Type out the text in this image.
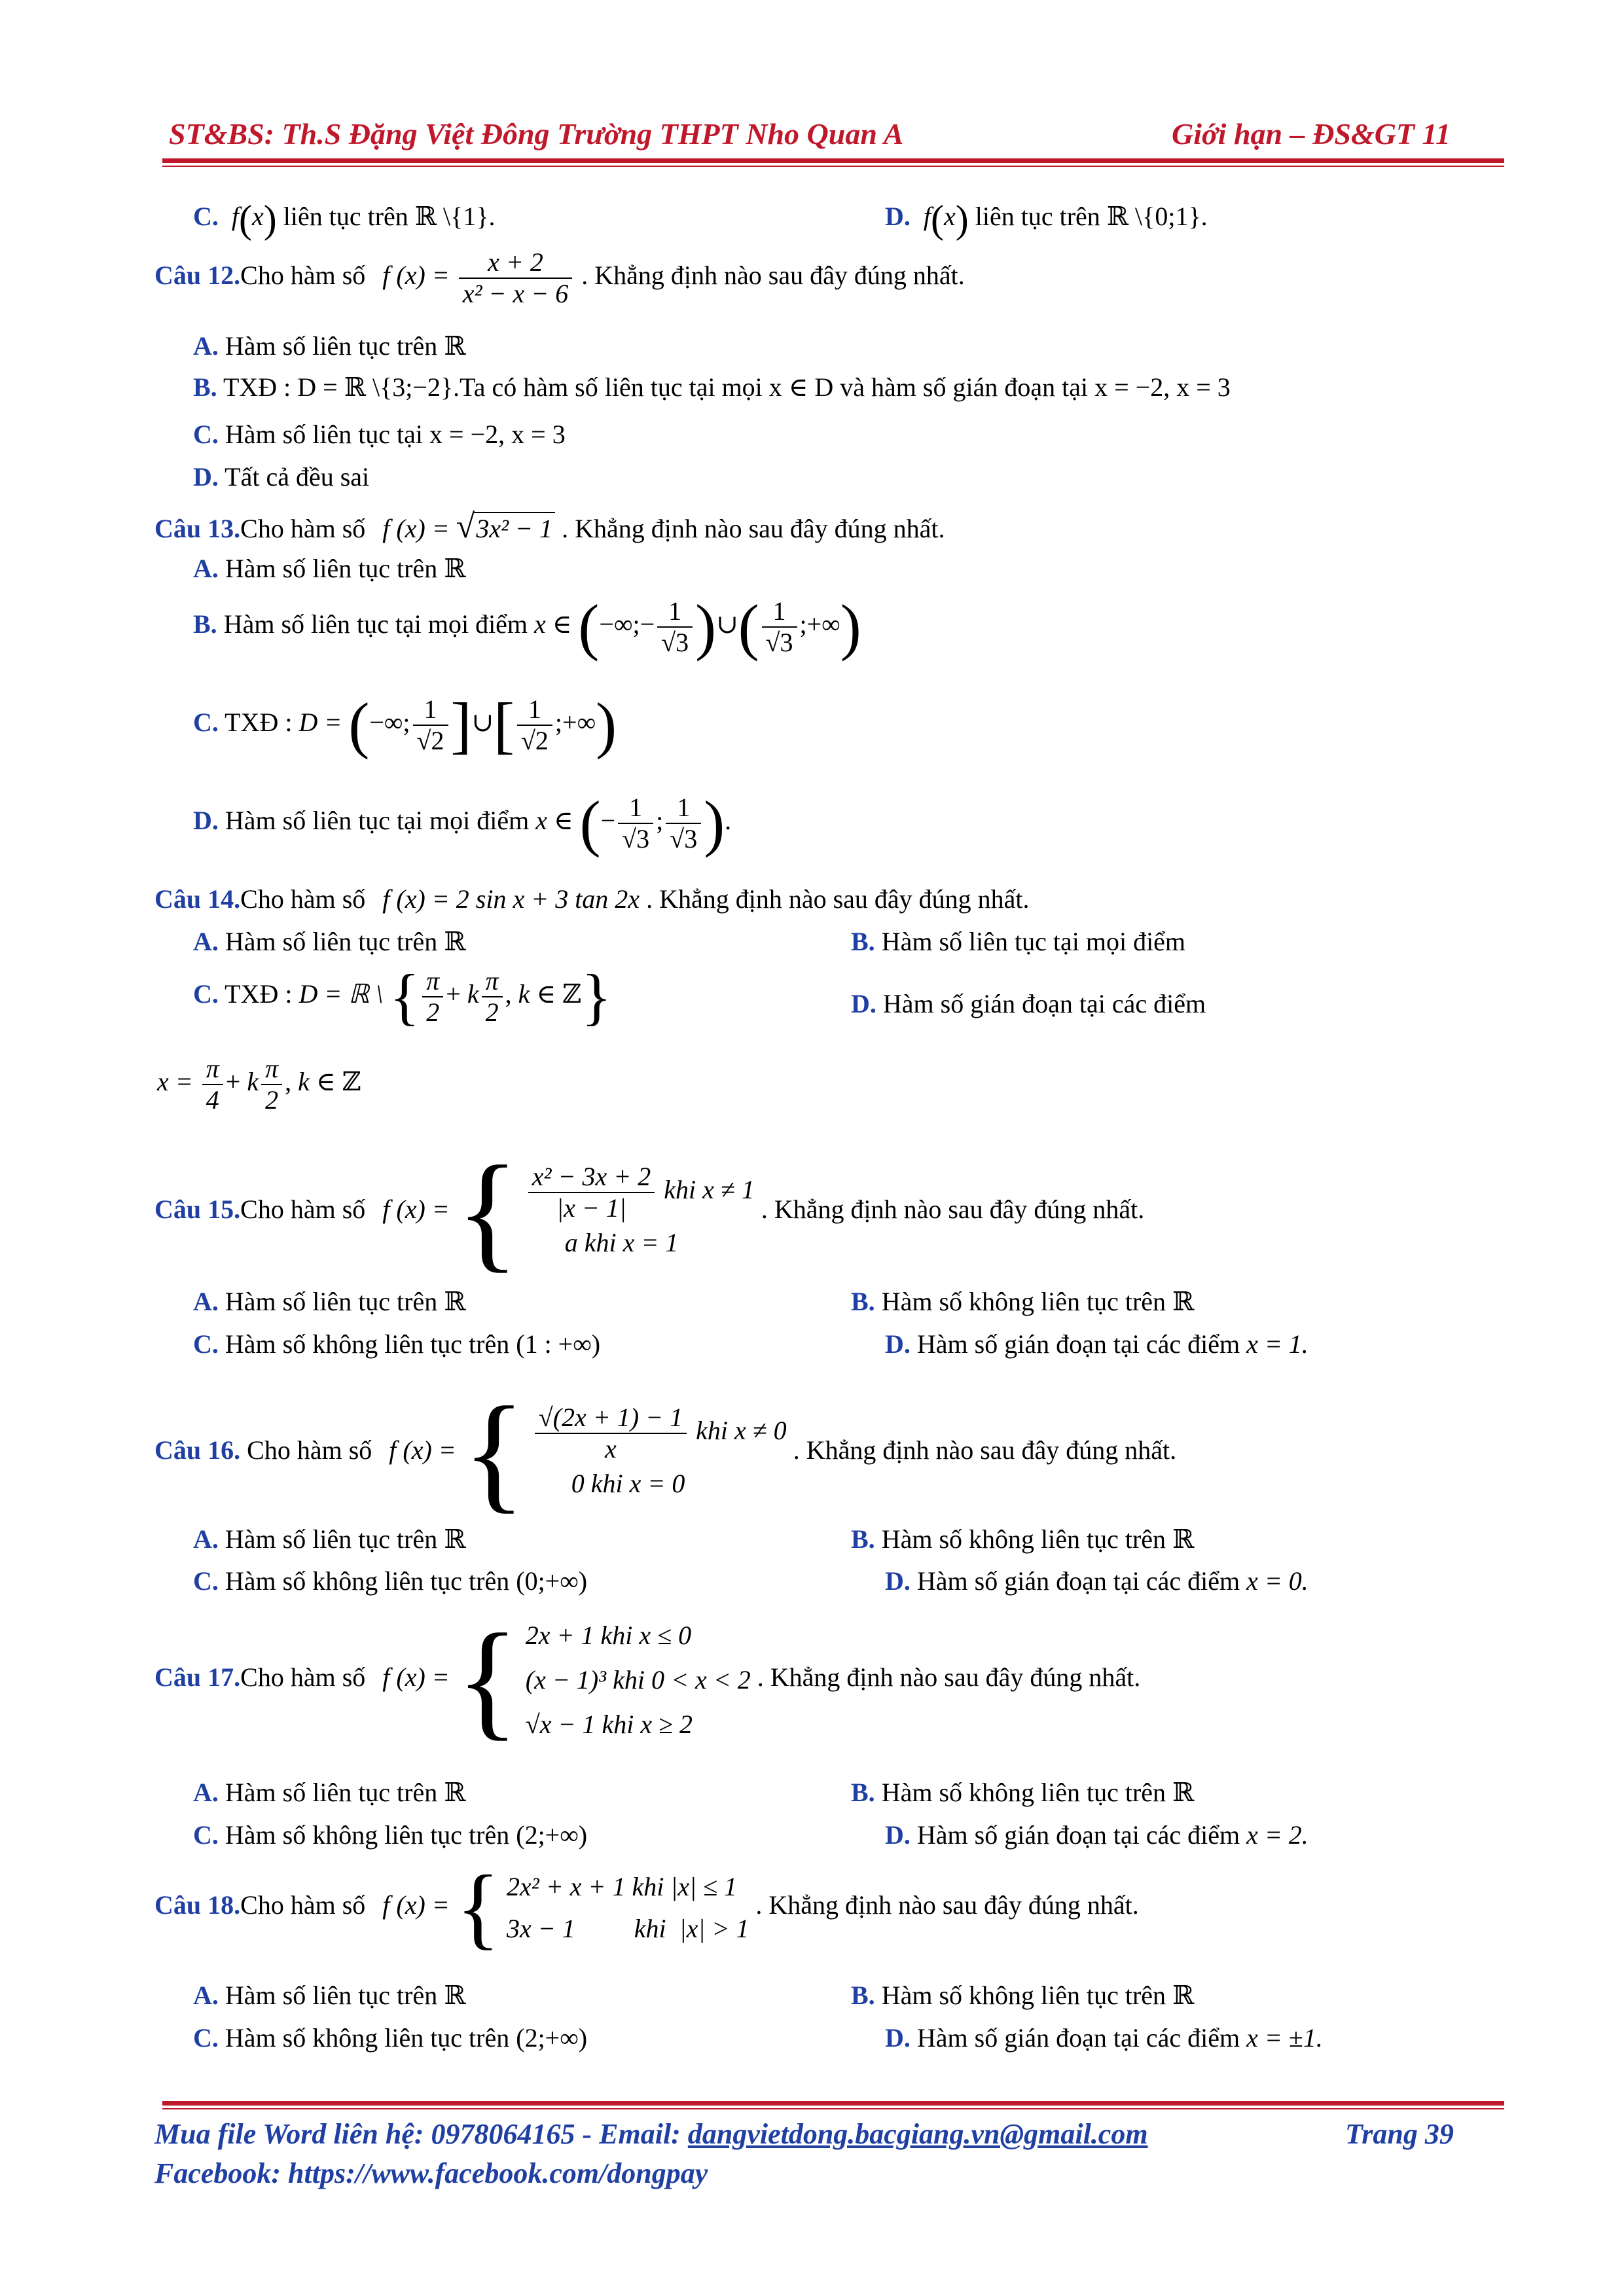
ST&BS: Th.S Đặng Việt Đông Trường THPT Nho Quan A	Giới hạn – ĐS&GT 11
C.  f(x) liên tục trên ℝ \{1}.	D.  f(x) liên tục trên ℝ \{0;1}.
Câu 12.Cho hàm số f $(x) = \frac{x + 2}{\text{x² − x − 6}}$ . Khẳng định nào sau đây đúng nhất.
A. Hàm số liên tục trên ℝ
B. TXĐ : D = ℝ \{3;−2}.Ta có hàm số liên tục tại mọi x ∈ D và hàm số gián đoạn tại x = −2, x = 3
C. Hàm số liên tục tại x = −2, x = 3
D. Tất cả đều sai
Câu 13.Cho hàm số f (x) = √3x² − 1 . Khẳng định nào sau đây đúng nhất.
A. Hàm số liên tục trên ℝ
B. Hàm số liên tục tại mọi điểm x ∈ (−∞;− $\frac{1}{√3}$ )∪( $\frac{1}{√3}$ ;+∞)
C. TXĐ : D = (−∞; $\frac{1}{√2}$ ]∪[ $\frac{1}{√2}$ ;+∞)
D. Hàm số liên tục tại mọi điểm x ∈ (− $\frac{1}{√3}$ ; $\frac{1}{√3}$ ).
Câu 14.Cho hàm số f (x) = 2 sin x + 3 tan 2x . Khẳng định nào sau đây đúng nhất.
A. Hàm số liên tục trên ℝ	B. Hàm số liên tục tại mọi điểm
C. TXĐ : D = ℝ \ { $\frac{\pi}{2} + k \frac{\pi}{2}$ , k ∈ ℤ}	D. Hàm số gián đoạn tại các điểm
$x = \frac{\pi}{4} + k \frac{\pi}{2}$ , k ∈ ℤ
Câu 15.Cho hàm số f (x) = { $\frac{\text{x² − 3x + 2}}{|x - 1|}$ khi x ≠ 1
a khi x = 1
. Khẳng định nào sau đây đúng nhất.
A. Hàm số liên tục trên ℝ	B. Hàm số không liên tục trên ℝ
C. Hàm số không liên tục trên (1 : +∞)	D. Hàm số gián đoạn tại các điểm x = 1.
Câu 16. Cho hàm số f (x) = { $\frac{√(2x + 1) - 1}{x}$ khi x ≠ 0
0 khi x = 0
. Khẳng định nào sau đây đúng nhất.
A. Hàm số liên tục trên ℝ	B. Hàm số không liên tục trên ℝ
C. Hàm số không liên tục trên (0;+∞)	D. Hàm số gián đoạn tại các điểm x = 0.
Câu 17.Cho hàm số f (x) = { 2x + 1 khi x ≤ 0
(x − 1)³ khi 0 < x < 2
√x − 1 khi x ≥ 2
. Khẳng định nào sau đây đúng nhất.
A. Hàm số liên tục trên ℝ	B. Hàm số không liên tục trên ℝ
C. Hàm số không liên tục trên (2;+∞)	D. Hàm số gián đoạn tại các điểm x = 2.
Câu 18.Cho hàm số f (x) = { 2x² + x + 1 khi |x| ≤ 1
3x − 1         khi  |x| > 1
. Khẳng định nào sau đây đúng nhất.
A. Hàm số liên tục trên ℝ	B. Hàm số không liên tục trên ℝ
C. Hàm số không liên tục trên (2;+∞)	D. Hàm số gián đoạn tại các điểm x = ±1.
Mua file Word liên hệ: 0978064165 - Email: dangvietdong.bacgiang.vn@gmail.com	Trang 39
Facebook: https://www.facebook.com/dongpay
